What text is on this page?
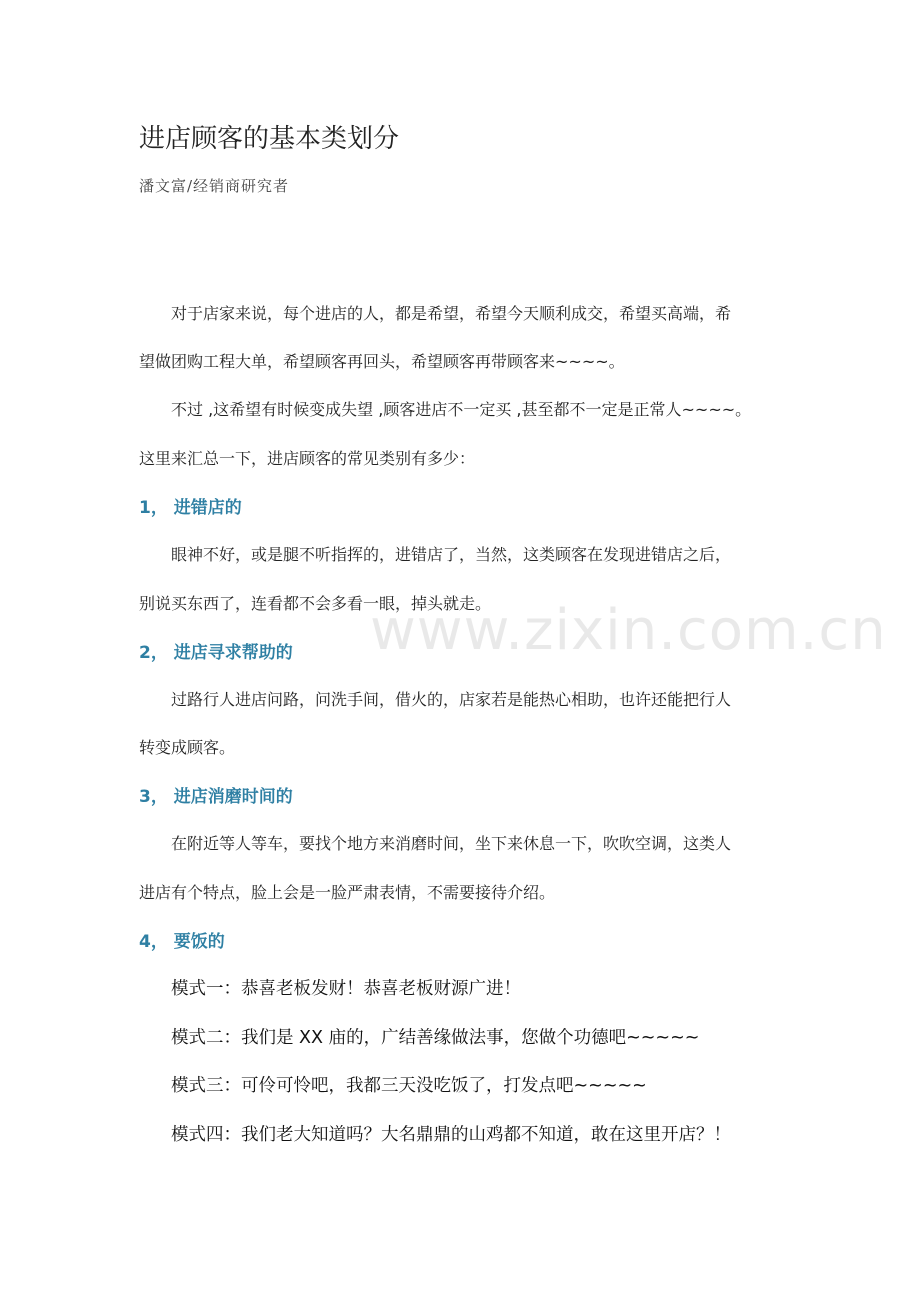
进店顾客的基本类划分
潘文富/经销商研究者
对于店家来说，每个进店的人，都是希望，希望今天顺利成交，希望买高端，希
望做团购工程大单，希望顾客再回头，希望顾客再带顾客来~~~~。
不过 ,这希望有时候变成失望 ,顾客进店不一定买 ,甚至都不一定是正常人~~~~。
这里来汇总一下，进店顾客的常见类别有多少：
1， 进错店的
眼神不好，或是腿不听指挥的，进错店了，当然，这类顾客在发现进错店之后，
别说买东西了，连看都不会多看一眼，掉头就走。
2， 进店寻求帮助的
过路行人进店问路，问洗手间，借火的，店家若是能热心相助，也许还能把行人
转变成顾客。
3， 进店消磨时间的
在附近等人等车，要找个地方来消磨时间，坐下来休息一下，吹吹空调，这类人
进店有个特点，脸上会是一脸严肃表情，不需要接待介绍。
4， 要饭的
模式一：恭喜老板发财！恭喜老板财源广进！
模式二：我们是 XX 庙的，广结善缘做法事，您做个功德吧~~~~~
模式三：可伶可怜吧，我都三天没吃饭了，打发点吧~~~~~
模式四：我们老大知道吗？大名鼎鼎的山鸡都不知道，敢在这里开店？！
www.zixin.com.cn
